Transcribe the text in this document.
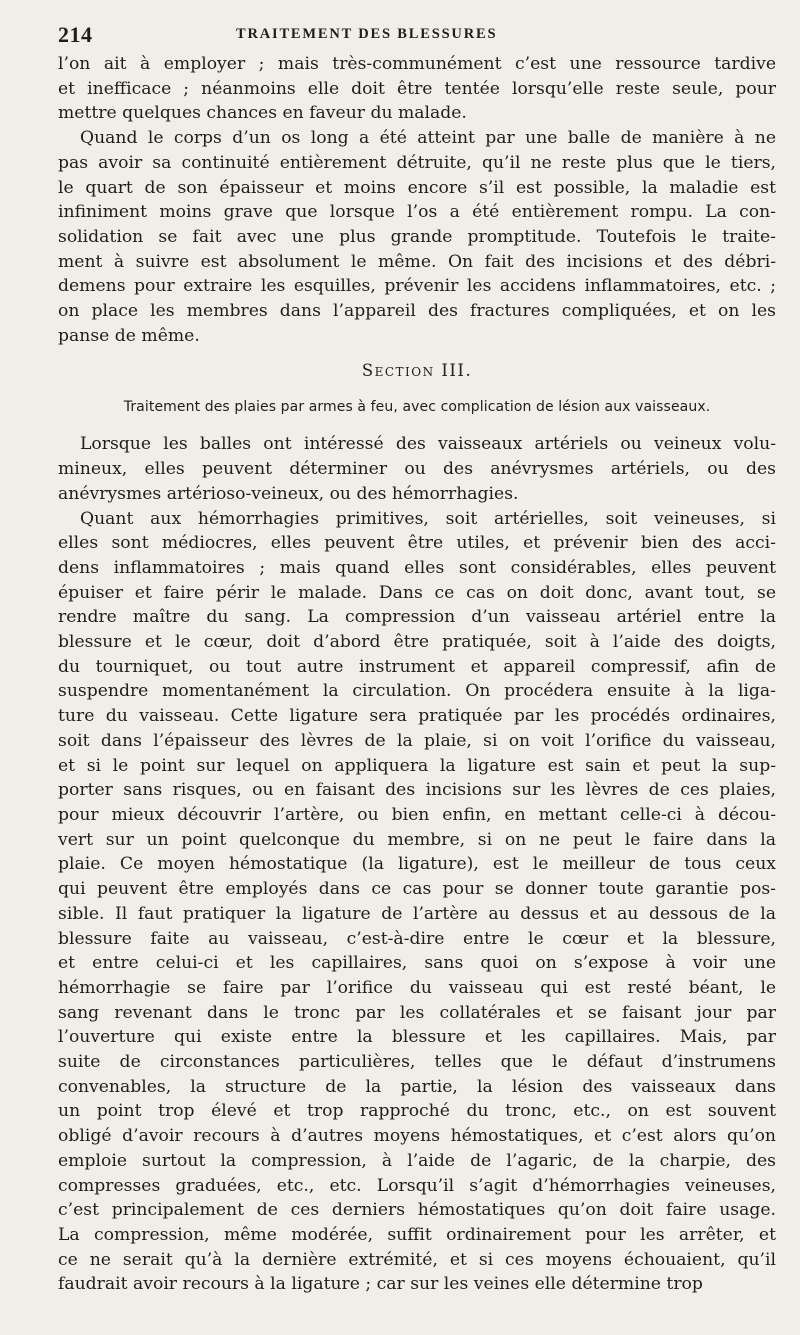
214	TRAITEMENT DES BLESSURES

l’on ait à employer ; mais très-communément c’est une ressource tardive
et inefficace ; néanmoins elle doit être tentée lorsqu’elle reste seule, pour
mettre quelques chances en faveur du malade.

Quand le corps d’un os long a été atteint par une balle de manière à ne
pas avoir sa continuité entièrement détruite, qu’il ne reste plus que le tiers,
le quart de son épaisseur et moins encore s’il est possible, la maladie est
infiniment moins grave que lorsque l’os a été entièrement rompu. La con-
solidation se fait avec une plus grande promptitude. Toutefois le traite-
ment à suivre est absolument le même. On fait des incisions et des débri-
demens pour extraire les esquilles, prévenir les accidens inflammatoires, etc. ;
on place les membres dans l’appareil des fractures compliquées, et on les
panse de même.

Section III.
Traitement des plaies par armes à feu, avec complication de lésion aux vaisseaux.

Lorsque les balles ont intéressé des vaisseaux artériels ou veineux volu-
mineux, elles peuvent déterminer ou des anévrysmes artériels, ou des
anévrysmes artérioso-veineux, ou des hémorrhagies.

Quant aux hémorrhagies primitives, soit artérielles, soit veineuses, si
elles sont médiocres, elles peuvent être utiles, et prévenir bien des acci-
dens inflammatoires ; mais quand elles sont considérables, elles peuvent
épuiser et faire périr le malade. Dans ce cas on doit donc, avant tout, se
rendre maître du sang. La compression d’un vaisseau artériel entre la
blessure et le cœur, doit d’abord être pratiquée, soit à l’aide des doigts,
du tourniquet, ou tout autre instrument et appareil compressif, afin de
suspendre momentanément la circulation. On procédera ensuite à la liga-
ture du vaisseau. Cette ligature sera pratiquée par les procédés ordinaires,
soit dans l’épaisseur des lèvres de la plaie, si on voit l’orifice du vaisseau,
et si le point sur lequel on appliquera la ligature est sain et peut la sup-
porter sans risques, ou en faisant des incisions sur les lèvres de ces plaies,
pour mieux découvrir l’artère, ou bien enfin, en mettant celle-ci à décou-
vert sur un point quelconque du membre, si on ne peut le faire dans la
plaie. Ce moyen hémostatique (la ligature), est le meilleur de tous ceux
qui peuvent être employés dans ce cas pour se donner toute garantie pos-
sible. Il faut pratiquer la ligature de l’artère au dessus et au dessous de la
blessure faite au vaisseau, c’est-à-dire entre le cœur et la blessure,
et entre celui-ci et les capillaires, sans quoi on s’expose à voir une
hémorrhagie se faire par l’orifice du vaisseau qui est resté béant, le
sang revenant dans le tronc par les collatérales et se faisant jour par
l’ouverture qui existe entre la blessure et les capillaires. Mais, par
suite de circonstances particulières, telles que le défaut d’instrumens
convenables, la structure de la partie, la lésion des vaisseaux dans
un point trop élevé et trop rapproché du tronc, etc., on est souvent
obligé d’avoir recours à d’autres moyens hémostatiques, et c’est alors qu’on
emploie surtout la compression, à l’aide de l’agaric, de la charpie, des
compresses graduées, etc., etc. Lorsqu’il s’agit d’hémorrhagies veineuses,
c’est principalement de ces derniers hémostatiques qu’on doit faire usage.
La compression, même modérée, suffit ordinairement pour les arrêter, et
ce ne serait qu’à la dernière extrémité, et si ces moyens échouaient, qu’il
faudrait avoir recours à la ligature ; car sur les veines elle détermine trop
